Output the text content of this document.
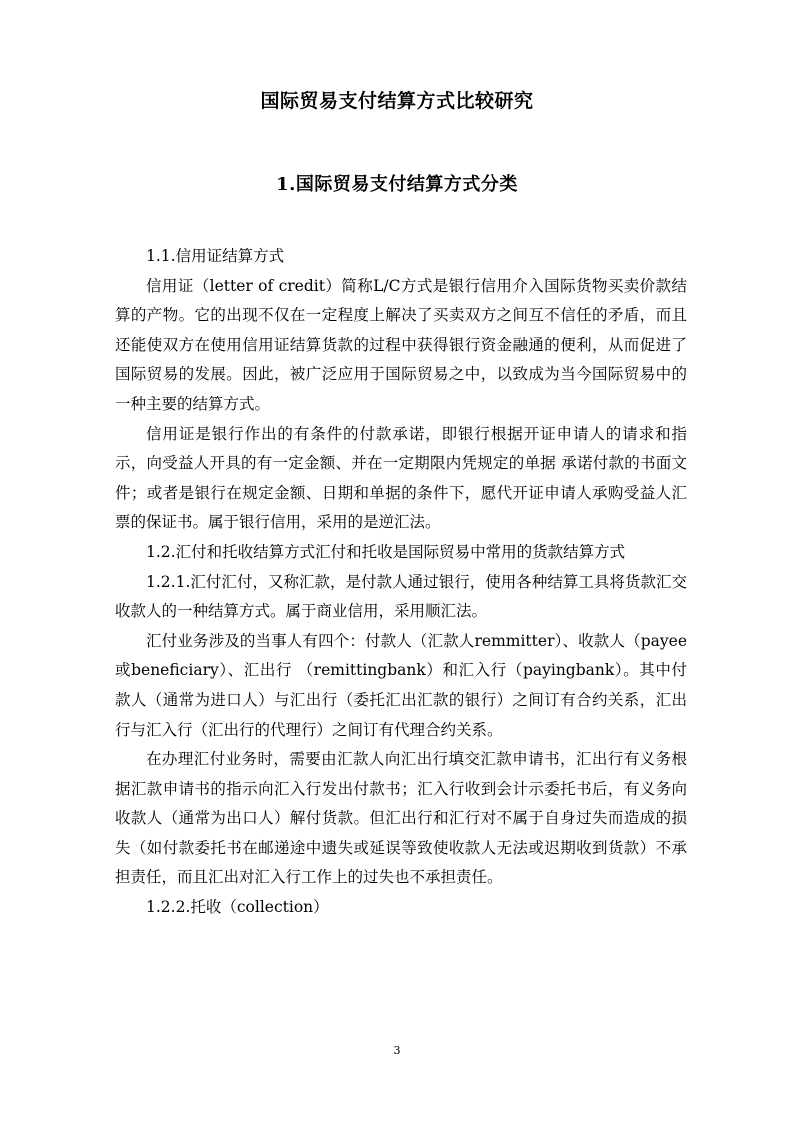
国际贸易支付结算方式比较研究
1.国际贸易支付结算方式分类

1.1.信用证结算方式

信用证（letter of credit）简称L/C方式是银行信用介入国际货物买卖价款结算的产物。它的出现不仅在一定程度上解决了买卖双方之间互不信任的矛盾，而且还能使双方在使用信用证结算货款的过程中获得银行资金融通的便利，从而促进了国际贸易的发展。因此，被广泛应用于国际贸易之中，以致成为当今国际贸易中的一种主要的结算方式。

信用证是银行作出的有条件的付款承诺，即银行根据开证申请人的请求和指示，向受益人开具的有一定金额、并在一定期限内凭规定的单据 承诺付款的书面文件；或者是银行在规定金额、日期和单据的条件下，愿代开证申请人承购受益人汇票的保证书。属于银行信用，采用的是逆汇法。

1.2.汇付和托收结算方式汇付和托收是国际贸易中常用的货款结算方式

1.2.1.汇付汇付，又称汇款，是付款人通过银行，使用各种结算工具将货款汇交收款人的一种结算方式。属于商业信用，采用顺汇法。

汇付业务涉及的当事人有四个：付款人（汇款人remmitter）、收款人（payee或beneficiary）、汇出行 （remittingbank）和汇入行（payingbank）。其中付款人（通常为进口人）与汇出行（委托汇出汇款的银行）之间订有合约关系，汇出行与汇入行（汇出行的代理行）之间订有代理合约关系。

在办理汇付业务时，需要由汇款人向汇出行填交汇款申请书，汇出行有义务根据汇款申请书的指示向汇入行发出付款书；汇入行收到会计示委托书后，有义务向收款人（通常为出口人）解付货款。但汇出行和汇行对不属于自身过失而造成的损失（如付款委托书在邮递途中遗失或延误等致使收款人无法或迟期收到货款）不承担责任，而且汇出对汇入行工作上的过失也不承担责任。

1.2.2.托收（collection）

3
